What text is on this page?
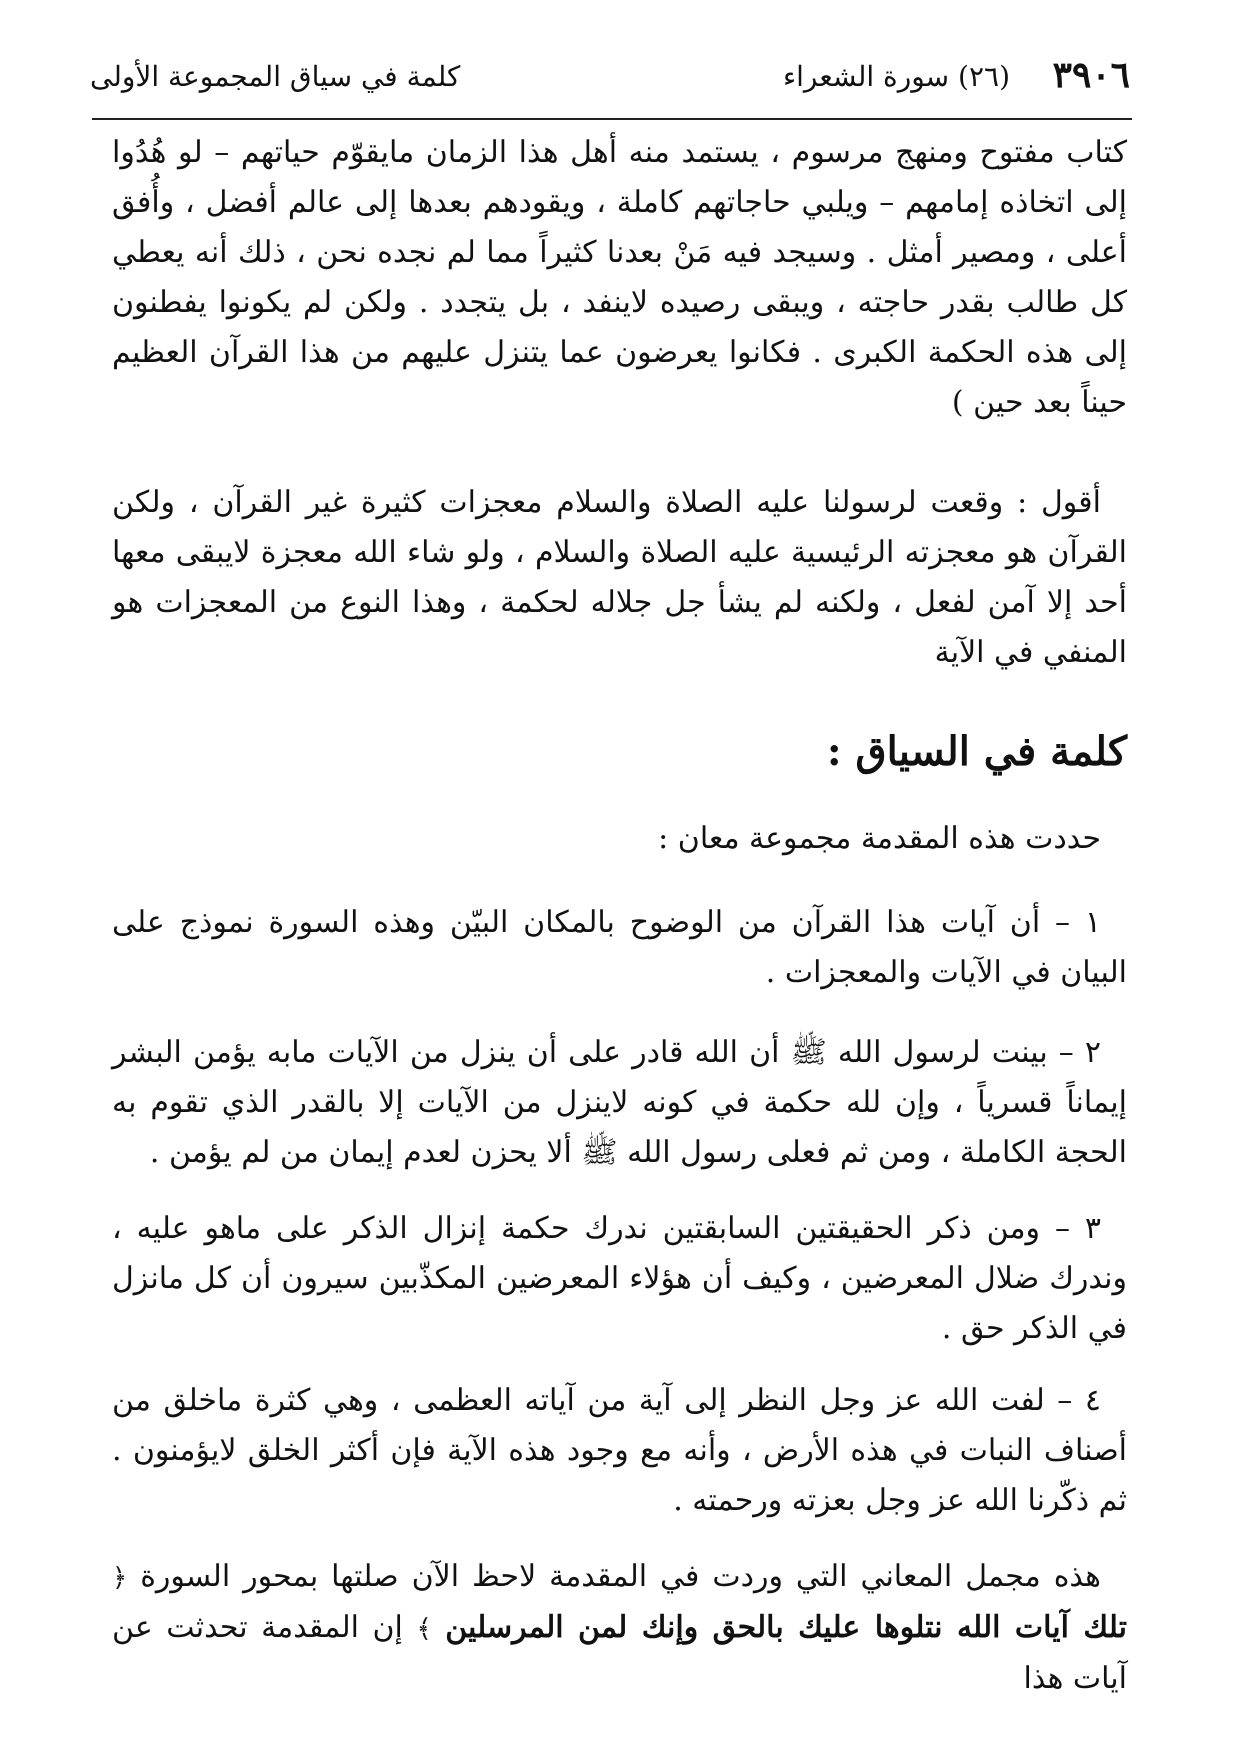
٣٩٠٦
(٢٦) سورة الشعراء
كلمة في سياق المجموعة الأولى

كتاب مفتوح ومنهج مرسوم ، يستمد منه أهل هذا الزمان مايقوّم حياتهم – لو هُدُوا إلى اتخاذه إمامهم – ويلبي حاجاتهم كاملة ، ويقودهم بعدها إلى عالم أفضل ، وأُفق أعلى ، ومصير أمثل . وسيجد فيه مَنْ بعدنا كثيراً مما لم نجده نحن ، ذلك أنه يعطي كل طالب بقدر حاجته ، ويبقى رصيده لاينفد ، بل يتجدد . ولكن لم يكونوا يفطنون إلى هذه الحكمة الكبرى . فكانوا يعرضون عما يتنزل عليهم من هذا القرآن العظيم حيناً بعد حين )

أقول : وقعت لرسولنا عليه الصلاة والسلام معجزات كثيرة غير القرآن ، ولكن القرآن هو معجزته الرئيسية عليه الصلاة والسلام ، ولو شاء الله معجزة لايبقى معها أحد إلا آمن لفعل ، ولكنه لم يشأ جل جلاله لحكمة ، وهذا النوع من المعجزات هو المنفي في الآية

كلمة في السياق :

حددت هذه المقدمة مجموعة معان :

١ – أن آيات هذا القرآن من الوضوح بالمكان البيّن وهذه السورة نموذج على البيان في الآيات والمعجزات .

٢ – بينت لرسول الله ﷺ أن الله قادر على أن ينزل من الآيات مابه يؤمن البشر إيماناً قسرياً ، وإن لله حكمة في كونه لاينزل من الآيات إلا بالقدر الذي تقوم به الحجة الكاملة ، ومن ثم فعلى رسول الله ﷺ ألا يحزن لعدم إيمان من لم يؤمن .

٣ – ومن ذكر الحقيقتين السابقتين ندرك حكمة إنزال الذكر على ماهو عليه ، وندرك ضلال المعرضين ، وكيف أن هؤلاء المعرضين المكذّبين سيرون أن كل مانزل في الذكر حق .

٤ – لفت الله عز وجل النظر إلى آية من آياته العظمى ، وهي كثرة ماخلق من أصناف النبات في هذه الأرض ، وأنه مع وجود هذه الآية فإن أكثر الخلق لايؤمنون . ثم ذكّرنا الله عز وجل بعزته ورحمته .

هذه مجمل المعاني التي وردت في المقدمة لاحظ الآن صلتها بمحور السورة ﴿ تلك آيات الله نتلوها عليك بالحق وإنك لمن المرسلين ﴾ إن المقدمة تحدثت عن آيات هذا
